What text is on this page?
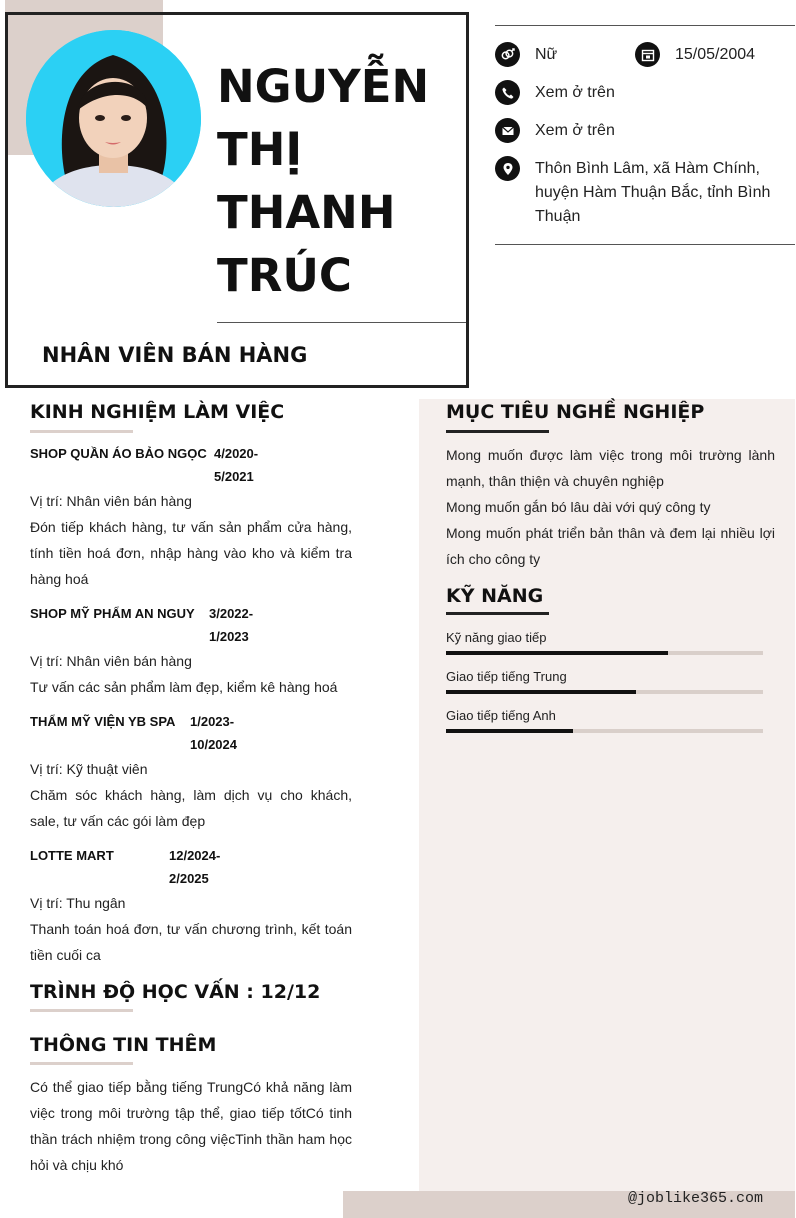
NGUYỄN THỊ THANH TRÚC
NHÂN VIÊN BÁN HÀNG
Nữ	15/05/2004
Xem ở trên
Xem ở trên
Thôn Bình Lâm, xã Hàm Chính, huyện Hàm Thuận Bắc, tỉnh Bình Thuận
KINH NGHIỆM LÀM VIỆC
SHOP QUẦN ÁO BẢO NGỌC 4/2020- 5/2021
Vị trí: Nhân viên bán hàng
Đón tiếp khách hàng, tư vấn sản phẩm cửa hàng, tính tiền hoá đơn, nhập hàng vào kho và kiểm tra hàng hoá
SHOP MỸ PHẨM AN NGUY 3/2022- 1/2023
Vị trí: Nhân viên bán hàng
Tư vấn các sản phẩm làm đẹp, kiểm kê hàng hoá
THẨM MỸ VIỆN YB SPA 1/2023- 10/2024
Vị trí: Kỹ thuật viên
Chăm sóc khách hàng, làm dịch vụ cho khách, sale, tư vấn các gói làm đẹp
LOTTE MART	12/2024- 2/2025
Vị trí: Thu ngân
Thanh toán hoá đơn, tư vấn chương trình, kết toán tiền cuối ca
TRÌNH ĐỘ HỌC VẤN : 12/12
THÔNG TIN THÊM
Có thể giao tiếp bằng tiếng TrungCó khả năng làm việc trong môi trường tập thể, giao tiếp tốtCó tinh thần trách nhiệm trong công việcTinh thần ham học hỏi và chịu khó
MỤC TIÊU NGHỀ NGHIỆP
Mong muốn được làm việc trong môi trường lành mạnh, thân thiện và chuyên nghiệp
Mong muốn gắn bó lâu dài với quý công ty
Mong muốn phát triển bản thân và đem lại nhiều lợi ích cho công ty
KỸ NĂNG
Kỹ năng giao tiếp
Giao tiếp tiếng Trung
Giao tiếp tiếng Anh
@joblike365.com
